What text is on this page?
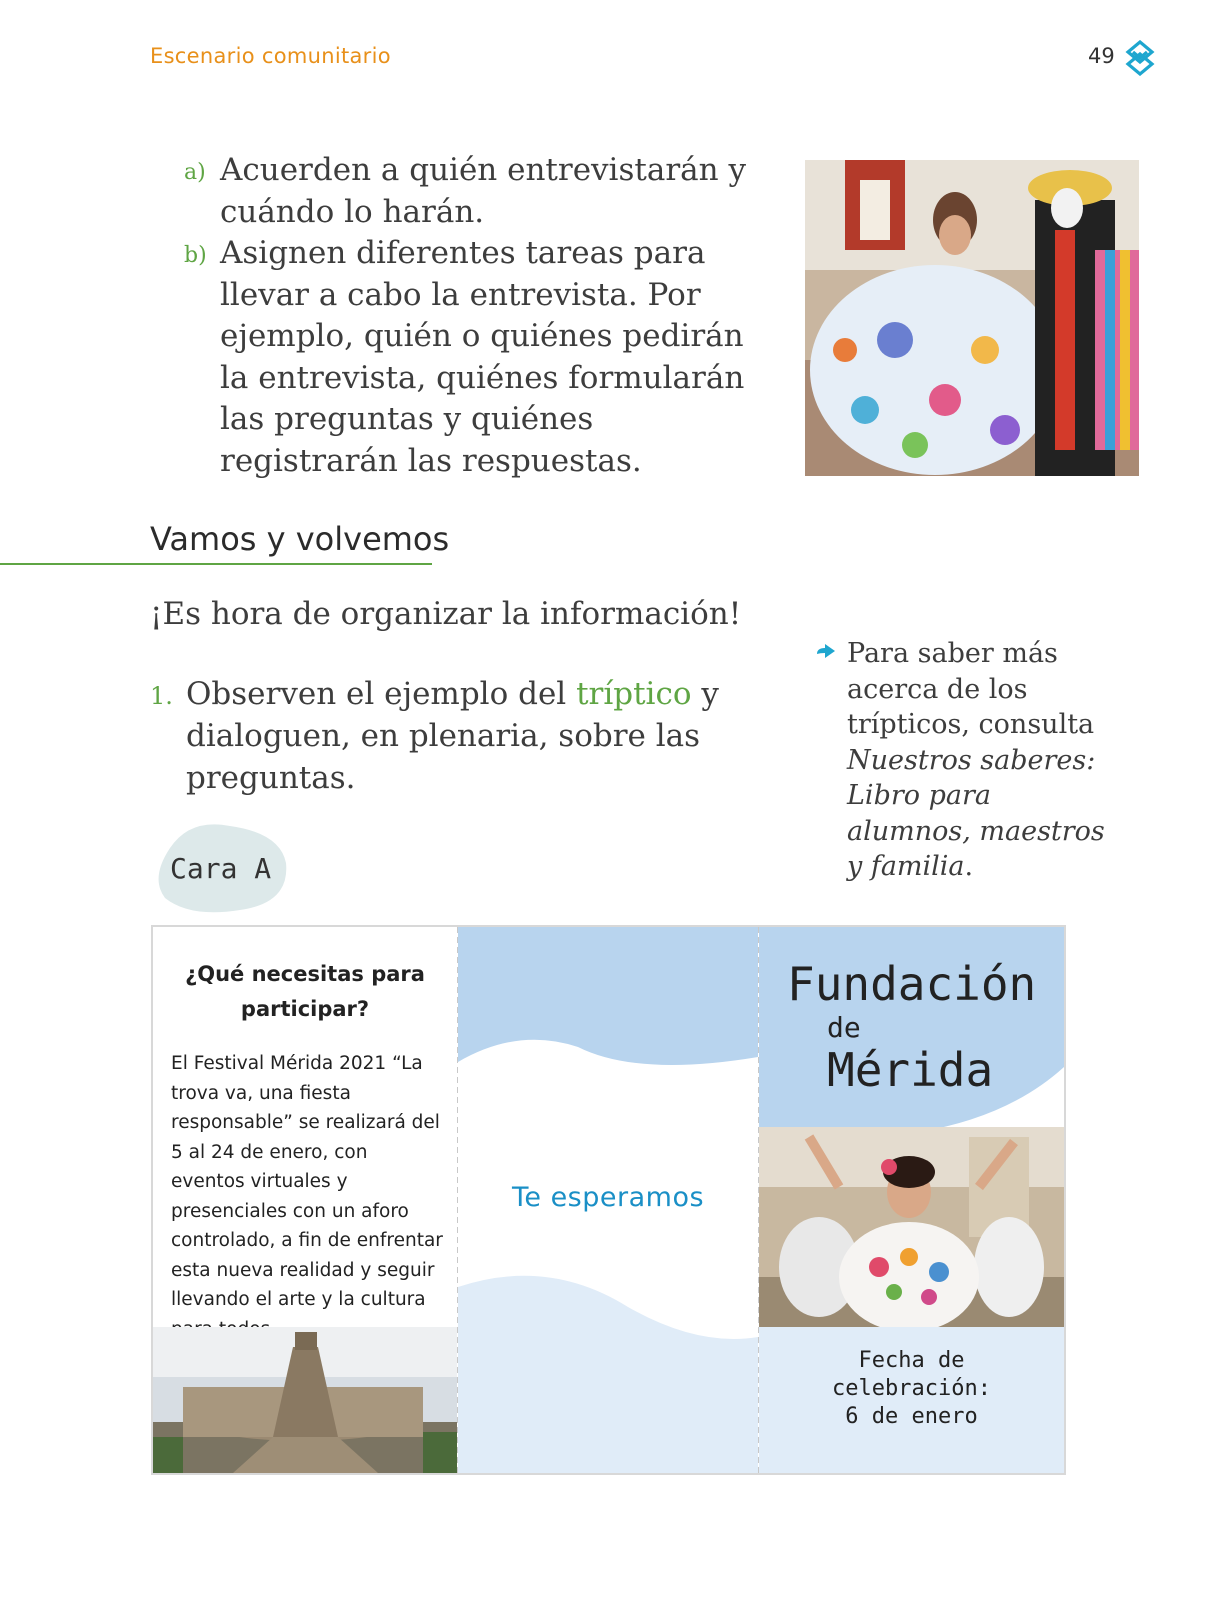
Escenario comunitario	49
a) Acuerden a quién entrevistarán y cuándo lo harán.
b) Asignen diferentes tareas para llevar a cabo la entrevista. Por ejemplo, quién o quiénes pedirán la entrevista, quiénes formularán las preguntas y quiénes registrarán las respuestas.
Vamos y volvemos
¡Es hora de organizar la información!
1. Observen el ejemplo del tríptico y dialoguen, en plenaria, sobre las preguntas.
Para saber más acerca de los trípticos, consulta Nuestros saberes: Libro para alumnos, maestros y familia.
Cara A
¿Qué necesitas para participar?
El Festival Mérida 2021 “La trova va, una fiesta responsable” se realizará del 5 al 24 de enero, con eventos virtuales y presenciales con un aforo controlado, a fin de enfrentar esta nueva realidad y seguir llevando el arte y la cultura
Te esperamos
Fundación
de
Mérida
Fecha de
celebración:
6 de enero
